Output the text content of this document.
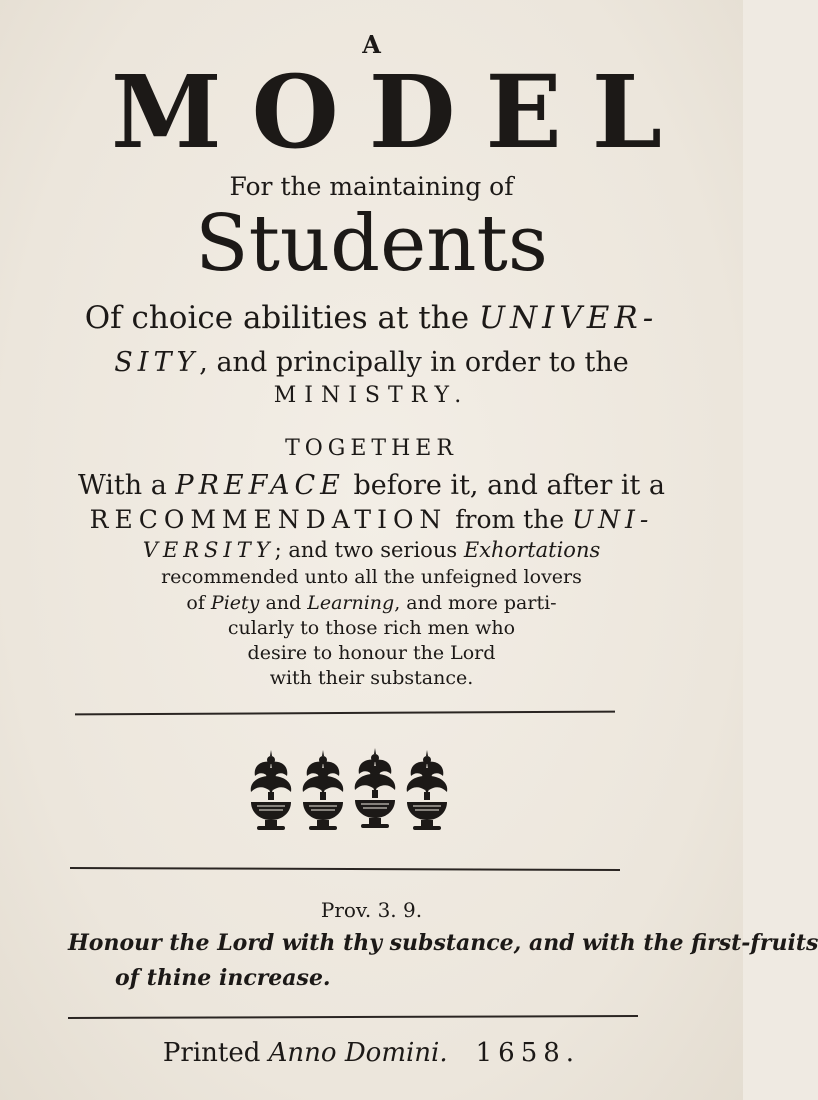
A
MODEL
For the maintaining of
Students
Of choice abilities at the UNIVER-
SITY, and principally in order to the
MINISTRY.
TOGETHER
With a PREFACE before it, and after it a
RECOMMENDATION from the UNI-
VERSITY; and two serious Exhortations
recommended unto all the unfeigned lovers
of Piety and Learning, and more parti-
cularly to those rich men who
desire to honour the Lord
with their substance.
Prov. 3. 9.
Honour the Lord with thy substance, and with the first-fruits
of thine increase.
Printed Anno Domini. 1658.
